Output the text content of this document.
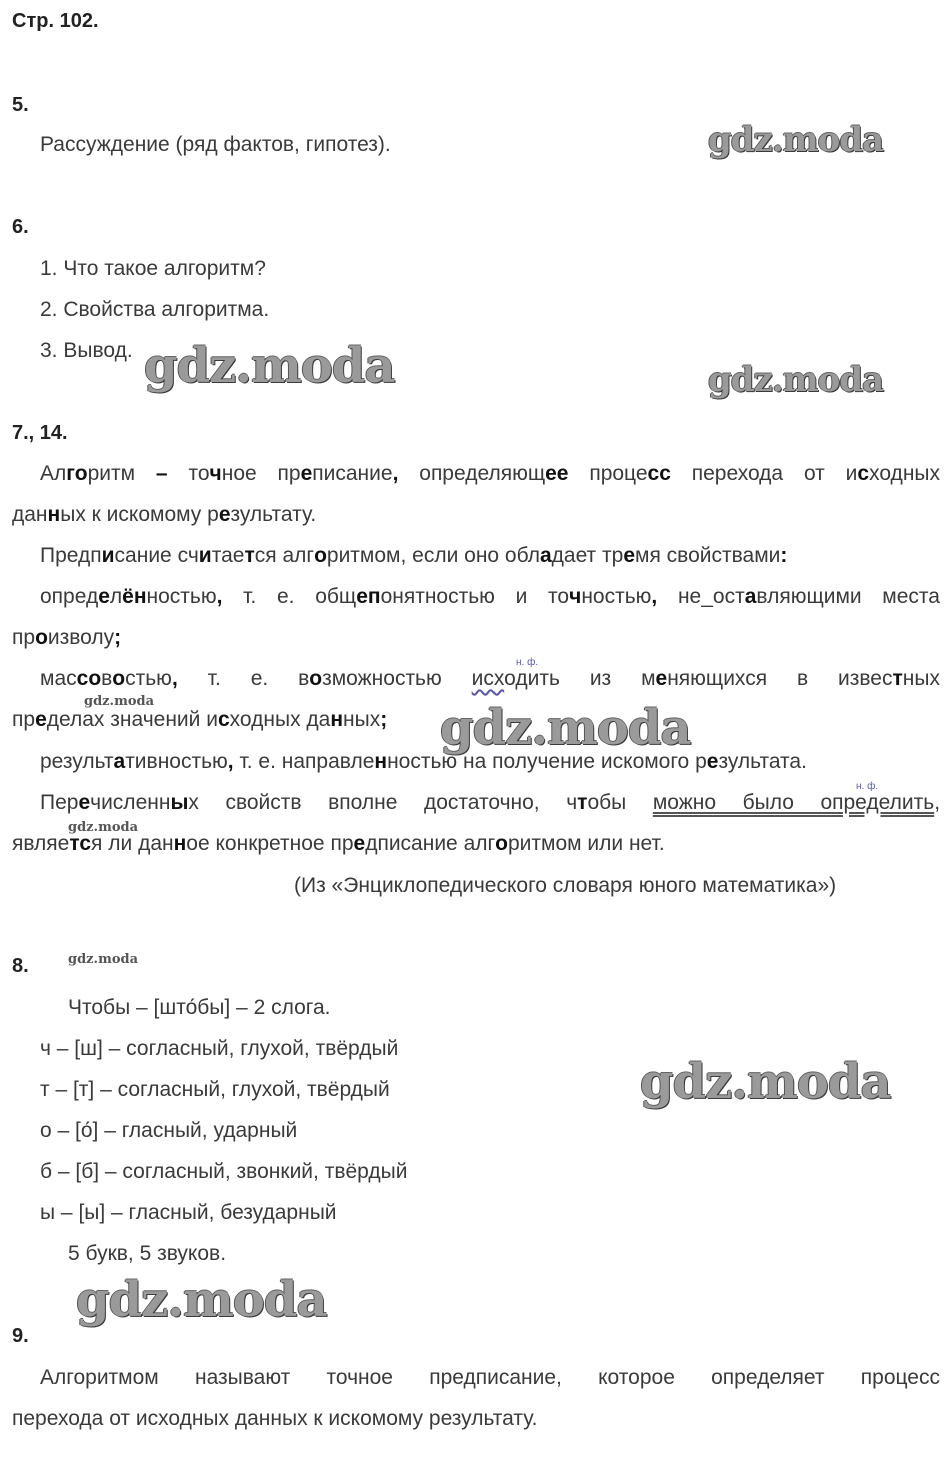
Стр. 102.
5.
Рассуждение (ряд фактов, гипотез).
6.
1. Что такое алгоритм?
2. Свойства алгоритма.
3. Вывод.
7., 14.
Алгоритм – точное преписание, определяющее процесс перехода от исходных
данных к искомому результату.
Предписание считается алгоритмом, если оно обладает тремя свойствами:
определённостью, т. е. общепонятностью и точностью, не_оставляющими места
произволу;
н. ф.
массовостью, т. е. возможностью исходить из меняющихся в известных
пределах значений исходных данных;
результативностью, т. е. направленностью на получение искомого результата.
н. ф.
Перечисленных свойств вполне достаточно, чтобы можно было определить,
является ли данное конкретное предписание алгоритмом или нет.
(Из «Энциклопедического словаря юного математика»)
8.
Чтобы – [што́бы] – 2 слога.
ч – [ш] – согласный, глухой, твёрдый
т – [т] – согласный, глухой, твёрдый
о – [о́] – гласный, ударный
б – [б] – согласный, звонкий, твёрдый
ы – [ы] – гласный, безударный
5 букв, 5 звуков.
9.
Алгоритмом называют точное предписание, которое определяет процесс
перехода от исходных данных к искомому результату.
gdz.moda
gdz.moda	gdz.moda
gdz.moda	gdz.moda
gdz.moda
gdz.moda
gdz.moda
gdz.moda
